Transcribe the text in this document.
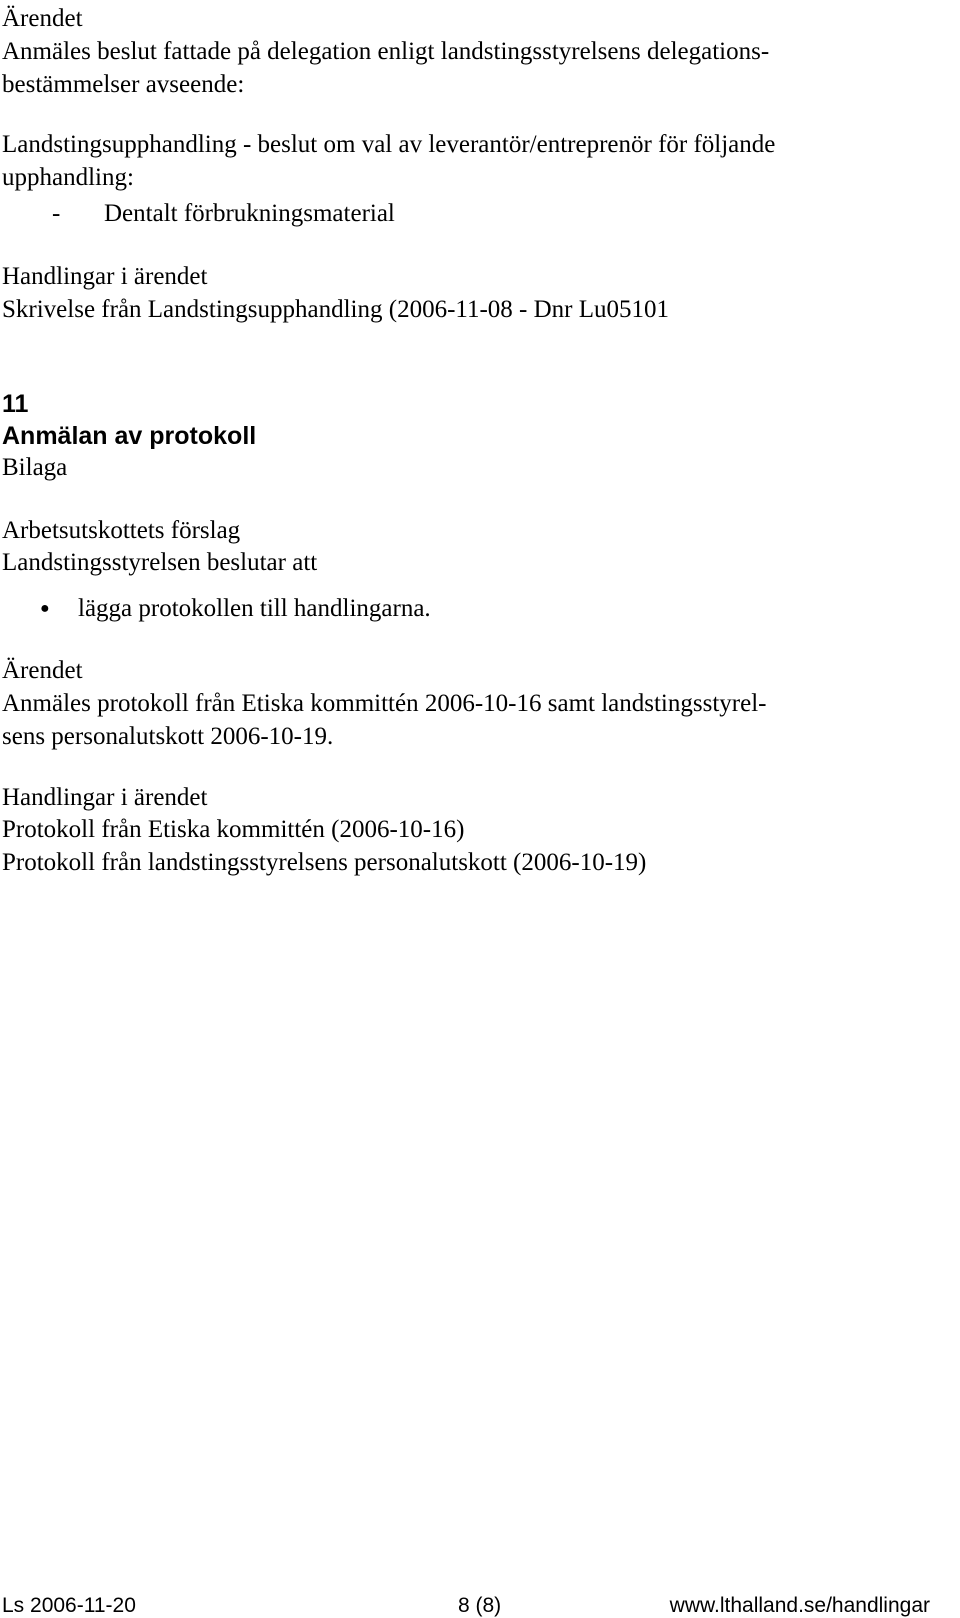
Ärendet
Anmäles beslut fattade på delegation enligt landstingsstyrelsens delegations-
bestämmelser avseende:
Landstingsupphandling - beslut om val av leverantör/entreprenör för följande
upphandling:
- Dentalt förbrukningsmaterial
Handlingar i ärendet
Skrivelse från Landstingsupphandling (2006-11-08 - Dnr Lu05101
11
Anmälan av protokoll
Bilaga
Arbetsutskottets förslag
Landstingsstyrelsen beslutar att
● lägga protokollen till handlingarna.
Ärendet
Anmäles protokoll från Etiska kommittén 2006-10-16 samt landstingsstyrel-
sens personalutskott 2006-10-19.
Handlingar i ärendet
Protokoll från Etiska kommittén (2006-10-16)
Protokoll från landstingsstyrelsens personalutskott (2006-10-19)
Ls 2006-11-20	8 (8)	www.lthalland.se/handlingar
